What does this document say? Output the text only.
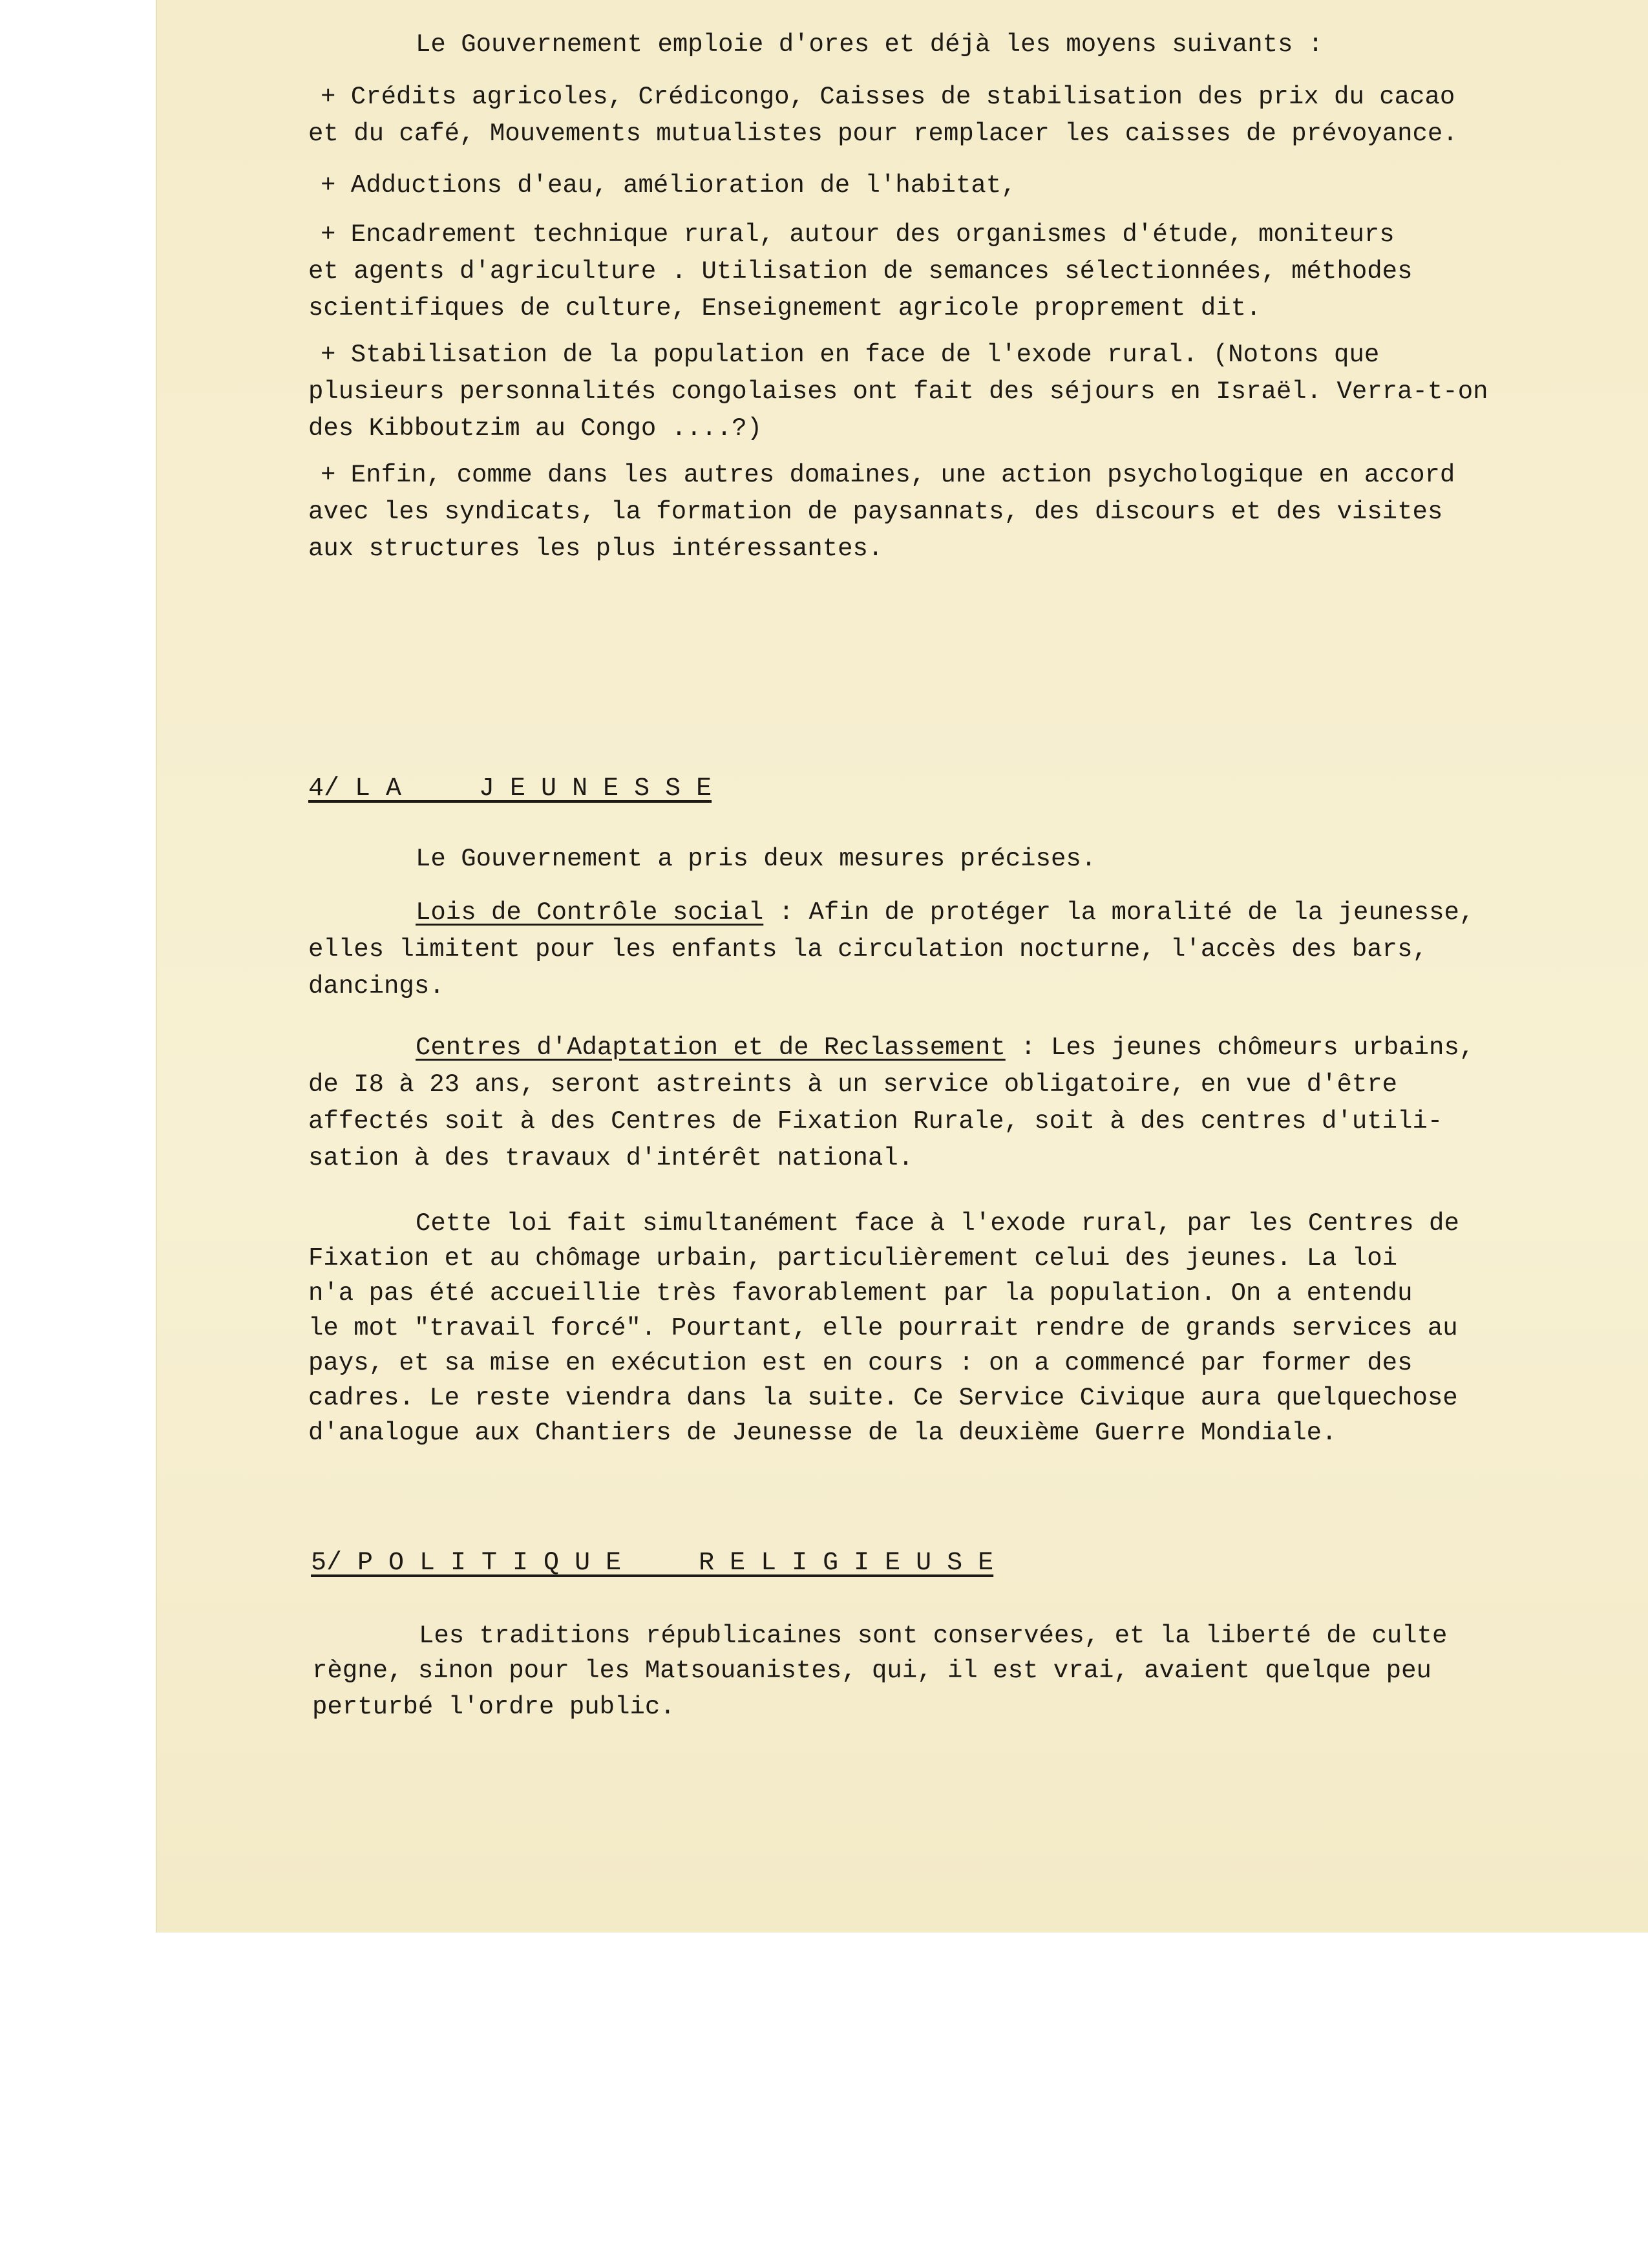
Le Gouvernement emploie d'ores et déjà les moyens suivants :

+ Crédits agricoles, Crédicongo, Caisses de stabilisation des prix du cacao

et du café, Mouvements mutualistes pour remplacer les caisses de prévoyance.

+ Adductions d'eau, amélioration de l'habitat,

+ Encadrement technique rural, autour des organismes d'étude, moniteurs

et agents d'agriculture . Utilisation de semances sélectionnées, méthodes

scientifiques de culture, Enseignement agricole proprement dit.

+ Stabilisation de la population en face de l'exode rural. (Notons que

plusieurs personnalités congolaises ont fait des séjours en Israël. Verra-t-on

des Kibboutzim au Congo ....?)

+ Enfin, comme dans les autres domaines, une action psychologique en accord

avec les syndicats, la formation de paysannats, des discours et des visites

aux structures les plus intéressantes.

4/ L A     J E U N E S S E

Le Gouvernement a pris deux mesures précises.

Lois de Contrôle social : Afin de protéger la moralité de la jeunesse,

elles limitent pour les enfants la circulation nocturne, l'accès des bars,

dancings.

Centres d'Adaptation et de Reclassement : Les jeunes chômeurs urbains,

de I8 à 23 ans, seront astreints à un service obligatoire, en vue d'être

affectés soit à des Centres de Fixation Rurale, soit à des centres d'utili-

sation à des travaux d'intérêt national.

Cette loi fait simultanément face à l'exode rural, par les Centres de

Fixation et au chômage urbain, particulièrement celui des jeunes. La loi

n'a pas été accueillie très favorablement par la population. On a entendu

le mot "travail forcé". Pourtant, elle pourrait rendre de grands services au

pays, et sa mise en exécution est en cours : on a commencé par former des

cadres. Le reste viendra dans la suite. Ce Service Civique aura quelquechose

d'analogue aux Chantiers de Jeunesse de la deuxième Guerre Mondiale.

5/ P O L I T I Q U E     R E L I G I E U S E

Les traditions républicaines sont conservées, et la liberté de culte

règne, sinon pour les Matsouanistes, qui, il est vrai, avaient quelque peu

perturbé l'ordre public.
